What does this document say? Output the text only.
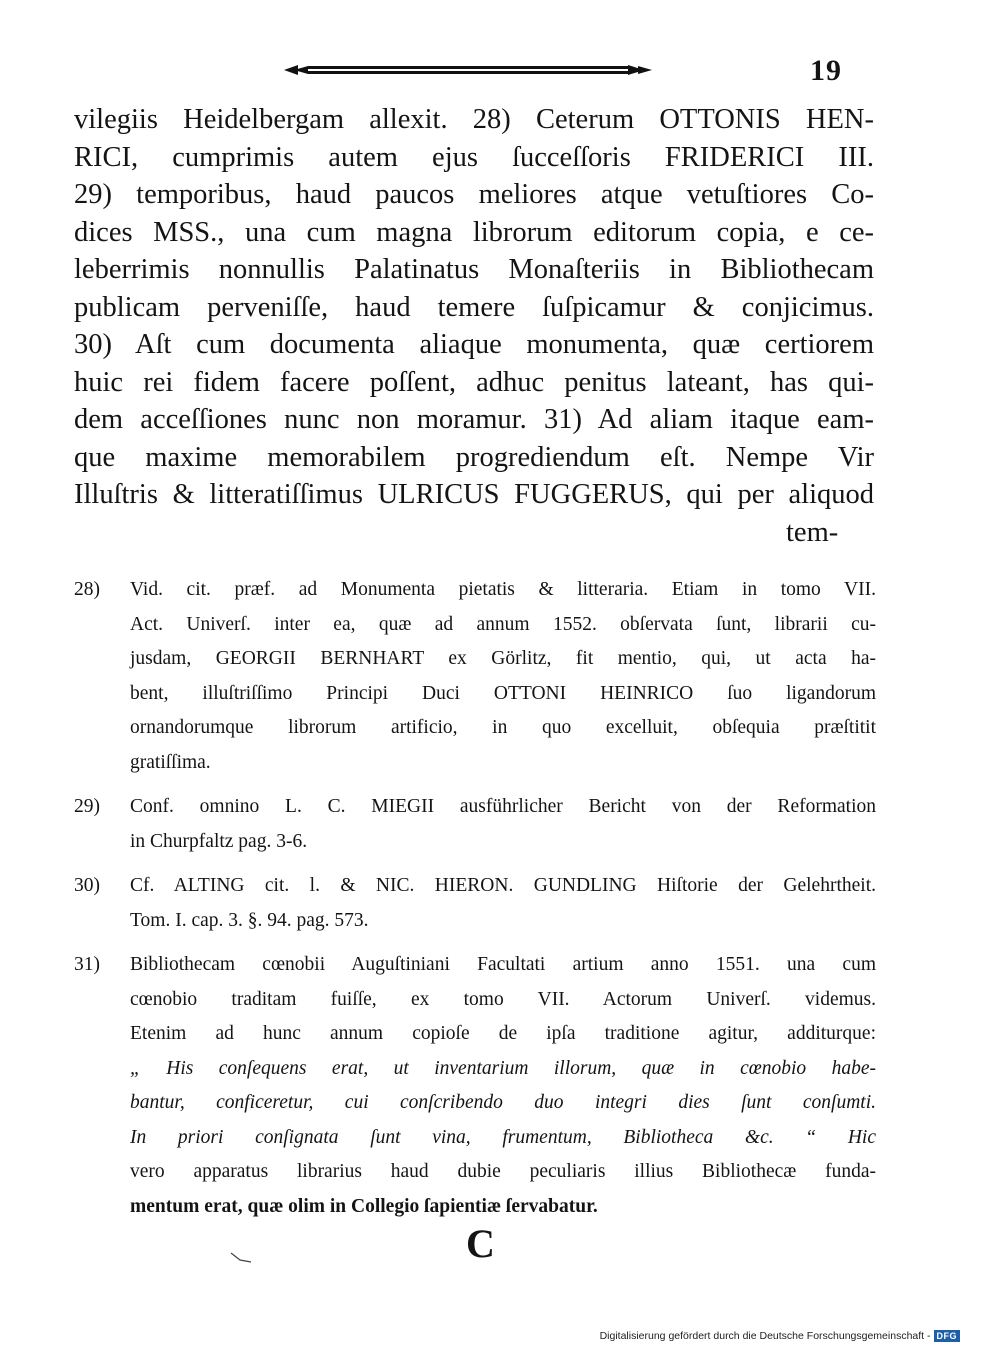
19
vilegiis Heidelbergam allexit. 28) Ceterum OTTONIS HEN-
RICI, cumprimis autem ejus ſucceſſoris FRIDERICI III.
29) temporibus, haud paucos meliores atque vetuſtiores Co-
dices MSS., una cum magna librorum editorum copia, e ce-
leberrimis nonnullis Palatinatus Monaſteriis in Bibliothecam
publicam perveniſſe, haud temere ſuſpicamur & conjicimus.
30) Aſt cum documenta aliaque monumenta, quæ certiorem
huic rei fidem facere poſſent, adhuc penitus lateant, has qui-
dem acceſſiones nunc non moramur. 31) Ad aliam itaque eam-
que maxime memorabilem progrediendum eſt. Nempe Vir
Illuſtris & litteratiſſimus ULRICUS FUGGERUS, qui per aliquod
tem-
28) Vid. cit. præf. ad Monumenta pietatis & litteraria. Etiam in tomo VII.
Act. Univerſ. inter ea, quæ ad annum 1552. obſervata ſunt, librarii cu-
jusdam, GEORGII BERNHART ex Görlitz, fit mentio, qui, ut acta ha-
bent, illuſtriſſimo Principi Duci OTTONI HEINRICO ſuo ligandorum
ornandorumque librorum artificio, in quo excelluit, obſequia præſtitit
gratiſſima.
29) Conf. omnino L. C. MIEGII ausführlicher Bericht von der Reformation
in Churpfaltz pag. 3-6.
30) Cf. ALTING cit. l. & NIC. HIERON. GUNDLING Hiſtorie der Gelehrtheit.
Tom. I. cap. 3. §. 94. pag. 573.
31) Bibliothecam cœnobii Auguſtiniani Facultati artium anno 1551. una cum
cœnobio traditam fuiſſe, ex tomo VII. Actorum Univerſ. videmus.
Etenim ad hunc annum copioſe de ipſa traditione agitur, additurque:
„ His conſequens erat, ut inventarium illorum, quæ in cœnobio habe-
bantur, conficeretur, cui conſcribendo duo integri dies ſunt conſumti.
In priori conſignata ſunt vina, frumentum, Bibliotheca &c. “ Hic
vero apparatus librarius haud dubie peculiaris illius Bibliothecæ funda-
mentum erat, quæ olim in Collegio ſapientiæ ſervabatur.
C
Digitalisierung gefördert durch die Deutsche Forschungsgemeinschaft - DFG
